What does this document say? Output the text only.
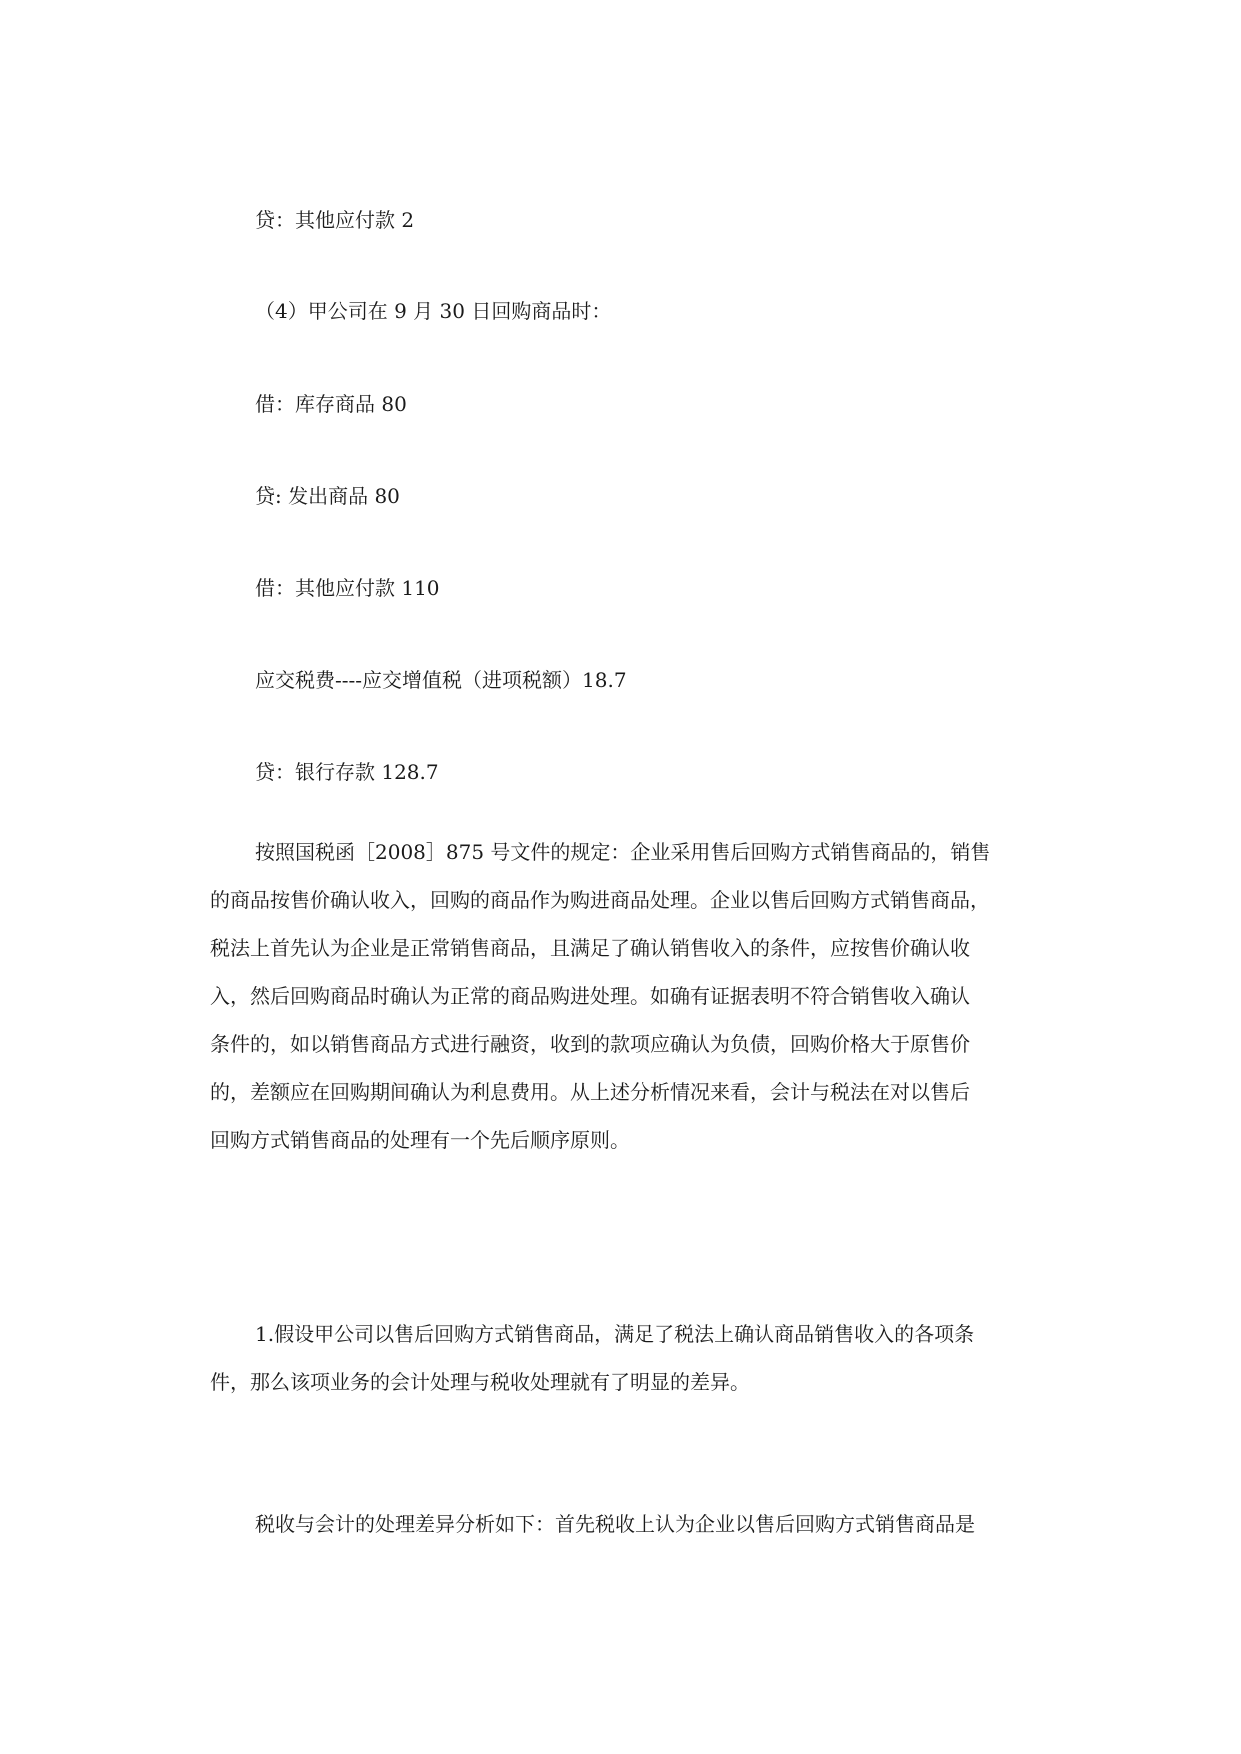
贷：其他应付款 2
（4）甲公司在 9 月 30 日回购商品时：
借：库存商品 80
贷: 发出商品 80
借：其他应付款 110
应交税费----应交增值税（进项税额）18.7
贷：银行存款 128.7
按照国税函［2008］875 号文件的规定：企业采用售后回购方式销售商品的，销售
的商品按售价确认收入，回购的商品作为购进商品处理。企业以售后回购方式销售商品，
税法上首先认为企业是正常销售商品，且满足了确认销售收入的条件，应按售价确认收
入，然后回购商品时确认为正常的商品购进处理。如确有证据表明不符合销售收入确认
条件的，如以销售商品方式进行融资，收到的款项应确认为负债，回购价格大于原售价
的，差额应在回购期间确认为利息费用。从上述分析情况来看，会计与税法在对以售后
回购方式销售商品的处理有一个先后顺序原则。
1.假设甲公司以售后回购方式销售商品，满足了税法上确认商品销售收入的各项条
件，那么该项业务的会计处理与税收处理就有了明显的差异。
税收与会计的处理差异分析如下：首先税收上认为企业以售后回购方式销售商品是
